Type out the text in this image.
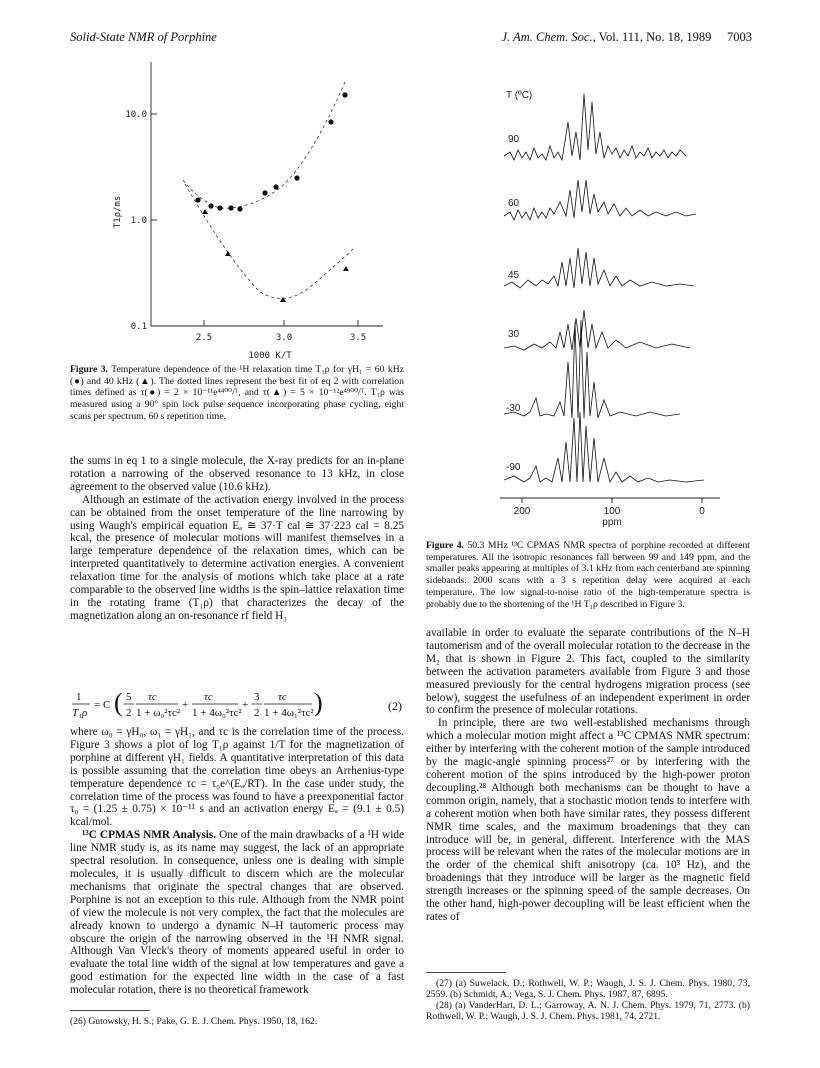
Solid-State NMR of Porphine	J. Am. Chem. Soc., Vol. 111, No. 18, 1989 7003
10.0
1.0
0.1
2.5	3.0	3.5
1000 K/T
T1ρ/ms
Figure 3. Temperature dependence of the ¹H relaxation time T₁ρ for γH₁ = 60 kHz (●) and 40 kHz (▲). The dotted lines represent the best fit of eq 2 with correlation times defined as τ(●) = 2 × 10⁻¹¹e⁴⁴⁰⁰/ᵀ, and τ(▲) = 5 × 10⁻¹²e⁴⁹⁰⁰/ᵀ. T₁ρ was measured using a 90° spin lock pulse sequence incorporating phase cycling, eight scans per spectrum, 60 s repetition time.
T (ºC)
90
60
45
30
-30
-90
200	100	0
ppm
Figure 4. 50.3 MHz ¹³C CPMAS NMR spectra of porphine recorded at different temperatures. All the isotropic resonances fall between 99 and 149 ppm, and the smaller peaks appearing at multiples of 3.1 kHz from each centerband are spinning sidebands. 2000 scans with a 3 s repetition delay were acquired at each temperature. The low signal-to-noise ratio of the high-temperature spectra is probably due to the shortening of the ¹H T₁ρ described in Figure 3.

the sums in eq 1 to a single molecule, the X-ray predicts for an in-plane rotation a narrowing of the observed resonance to 13 kHz, in close agreement to the observed value (10.6 kHz).

Although an estimate of the activation energy involved in the process can be obtained from the onset temperature of the line narrowing by using Waugh's empirical equation Eₐ ≅ 37·T cal ≅ 37·223 cal = 8.25 kcal, the presence of molecular motions will manifest themselves in a large temperature dependence of the relaxation times, which can be interpreted quantitatively to determine activation energies. A convenient relaxation time for the analysis of motions which take place at a rate comparable to the observed line widths is the spin–lattice relaxation time in the rotating frame (T₁ρ) that characterizes the decay of the magnetization along an on-resonance rf field H₁

1
T₁ρ
= C ( 5
2
τc
1 + ω₀²τc²
+
τc
1 + 4ω₀²τc²
+
3
2
τc
1 + 4ω₁²τc² )	(2)

where ω₀ = γH₀, ω₁ = γH₁, and τc is the correlation time of the process. Figure 3 shows a plot of log T₁ρ against 1/T for the magnetization of porphine at different γH₁ fields. A quantitative interpretation of this data is possible assuming that the correlation time obeys an Arrhenius-type temperature dependence τc = τ₀e^(Eₐ/RT). In the case under study, the correlation time of the process was found to have a preexponential factor τ₀ = (1.25 ± 0.75) × 10⁻¹¹ s and an activation energy Eₐ = (9.1 ± 0.5) kcal/mol.

¹³C CPMAS NMR Analysis. One of the main drawbacks of a ¹H wide line NMR study is, as its name may suggest, the lack of an appropriate spectral resolution. In consequence, unless one is dealing with simple molecules, it is usually difficult to discern which are the molecular mechanisms that originate the spectral changes that are observed. Porphine is not an exception to this rule. Although from the NMR point of view the molecule is not very complex, the fact that the molecules are already known to undergo a dynamic N–H tautomeric process may obscure the origin of the narrowing observed in the ¹H NMR signal. Although Van Vleck's theory of moments appeared useful in order to evaluate the total line width of the signal at low temperatures and gave a good estimation for the expected line width in the case of a fast molecular rotation, there is no theoretical framework

(26) Gutowsky, H. S.; Pake, G. E. J. Chem. Phys. 1950, 18, 162.

available in order to evaluate the separate contributions of the N–H tautomerism and of the overall molecular rotation to the decrease in the M₂ that is shown in Figure 2. This fact, coupled to the similarity between the activation parameters available from Figure 3 and those measured previously for the central hydrogens migration process (see below), suggest the usefulness of an independent experiment in order to confirm the presence of molecular rotations.

In principle, there are two well-established mechanisms through which a molecular motion might affect a ¹³C CPMAS NMR spectrum: either by interfering with the coherent motion of the sample introduced by the magic-angle spinning process²⁷ or by interfering with the coherent motion of the spins introduced by the high-power proton decoupling.²⁸ Although both mechanisms can be thought to have a common origin, namely, that a stochastic motion tends to interfere with a coherent motion when both have similar rates, they possess different NMR time scales, and the maximum broadenings that they can introduce will be, in general, different. Interference with the MAS process will be relevant when the rates of the molecular motions are in the order of the chemical shift anisotropy (ca. 10³ Hz), and the broadenings that they introduce will be larger as the magnetic field strength increases or the spinning speed of the sample decreases. On the other hand, high-power decoupling will be least efficient when the rates of

(27) (a) Suwelack, D.; Rothwell, W. P.; Waugh, J. S. J. Chem. Phys. 1980, 73, 2559. (b) Schmidt, A.; Vega, S. J. Chem. Phys. 1987, 87, 6895.

(28) (a) VanderHart, D. L.; Garroway, A. N. J. Chem. Phys. 1979, 71, 2773. (b) Rothwell, W. P.; Waugh, J. S. J. Chem. Phys. 1981, 74, 2721.
